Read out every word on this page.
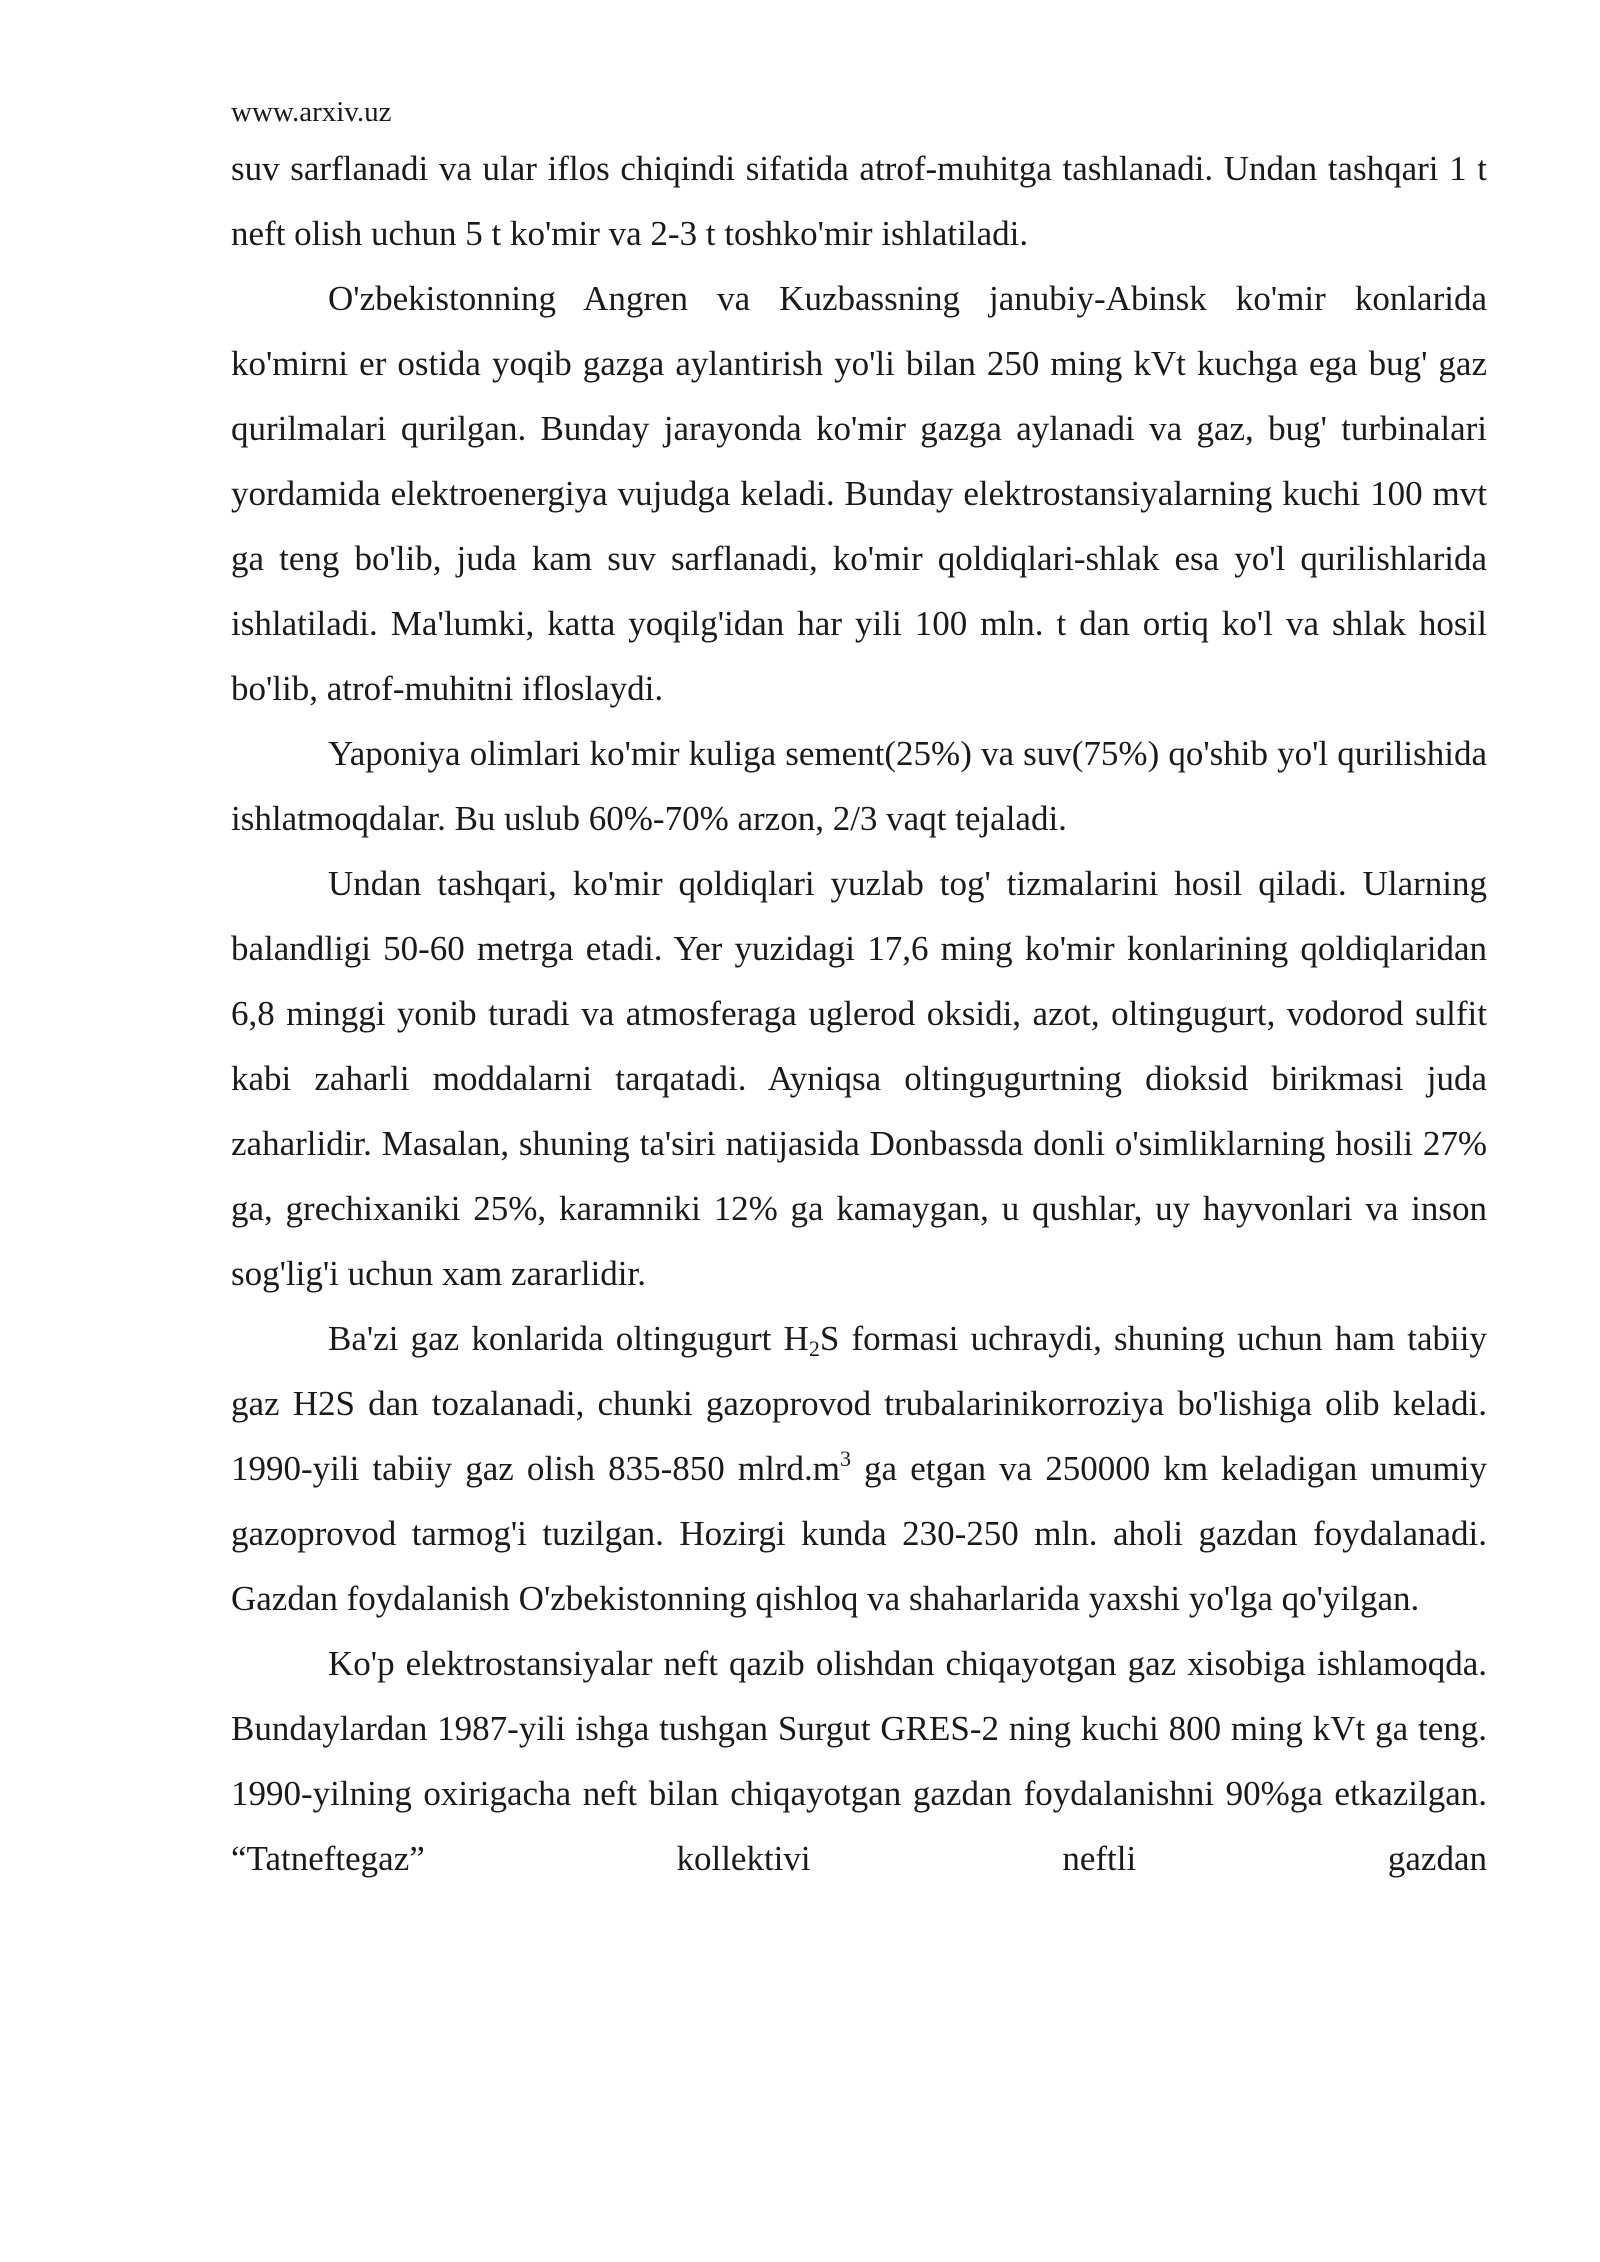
www.arxiv.uz

suv sarflanadi va ular iflos chiqindi sifatida atrof-muhitga tashlanadi. Undan tashqari 1 t neft olish uchun 5 t ko'mir va 2-3 t toshko'mir ishlatiladi.

O'zbekistonning Angren va Kuzbassning janubiy-Abinsk ko'mir konlarida ko'mirni er ostida yoqib gazga aylantirish yo'li bilan 250 ming kVt kuchga ega bug' gaz qurilmalari qurilgan. Bunday jarayonda ko'mir gazga aylanadi va gaz, bug' turbinalari yordamida elektroenergiya vujudga keladi. Bunday elektrostansiyalarning kuchi 100 mvt ga teng bo'lib, juda kam suv sarflanadi, ko'mir qoldiqlari-shlak esa yo'l qurilishlarida ishlatiladi. Ma'lumki, katta yoqilg'idan har yili 100 mln. t dan ortiq ko'l va shlak hosil bo'lib, atrof-muhitni ifloslaydi.

Yaponiya olimlari ko'mir kuliga sement(25%) va suv(75%) qo'shib yo'l qurilishida ishlatmoqdalar. Bu uslub 60%-70% arzon, 2/3 vaqt tejaladi.

Undan tashqari, ko'mir qoldiqlari yuzlab tog' tizmalarini hosil qiladi. Ularning balandligi 50-60 metrga etadi. Yer yuzidagi 17,6 ming ko'mir konlarining qoldiqlaridan 6,8 minggi yonib turadi va atmosferaga uglerod oksidi, azot, oltingugurt, vodorod sulfit kabi zaharli moddalarni tarqatadi. Ayniqsa oltingugurtning dioksid birikmasi juda zaharlidir. Masalan, shuning ta'siri natijasida Donbassda donli o'simliklarning hosili 27% ga, grechixaniki 25%, karamniki 12% ga kamaygan, u qushlar, uy hayvonlari va inson sog'lig'i uchun xam zararlidir.

Ba'zi gaz konlarida oltingugurt $H_2S$ formasi uchraydi, shuning uchun ham tabiiy gaz H2S dan tozalanadi, chunki gazoprovod trubalarinikorroziya bo'lishiga olib keladi. 1990-yili tabiiy gaz olish 835-850 $mlrd.m^3$ ga etgan va 250000 km keladigan umumiy gazoprovod tarmog'i tuzilgan. Hozirgi kunda 230-250 mln. aholi gazdan foydalanadi. Gazdan foydalanish O'zbekistonning qishloq va shaharlarida yaxshi yo'lga qo'yilgan.

Ko'p elektrostansiyalar neft qazib olishdan chiqayotgan gaz xisobiga ishlamoqda. Bundaylardan 1987-yili ishga tushgan Surgut GRES-2 ning kuchi 800 ming kVt ga teng. 1990-yilning oxirigacha neft bilan chiqayotgan gazdan foydalanishni 90%ga etkazilgan. “Tatneftegaz” kollektivi neftli gazdan
